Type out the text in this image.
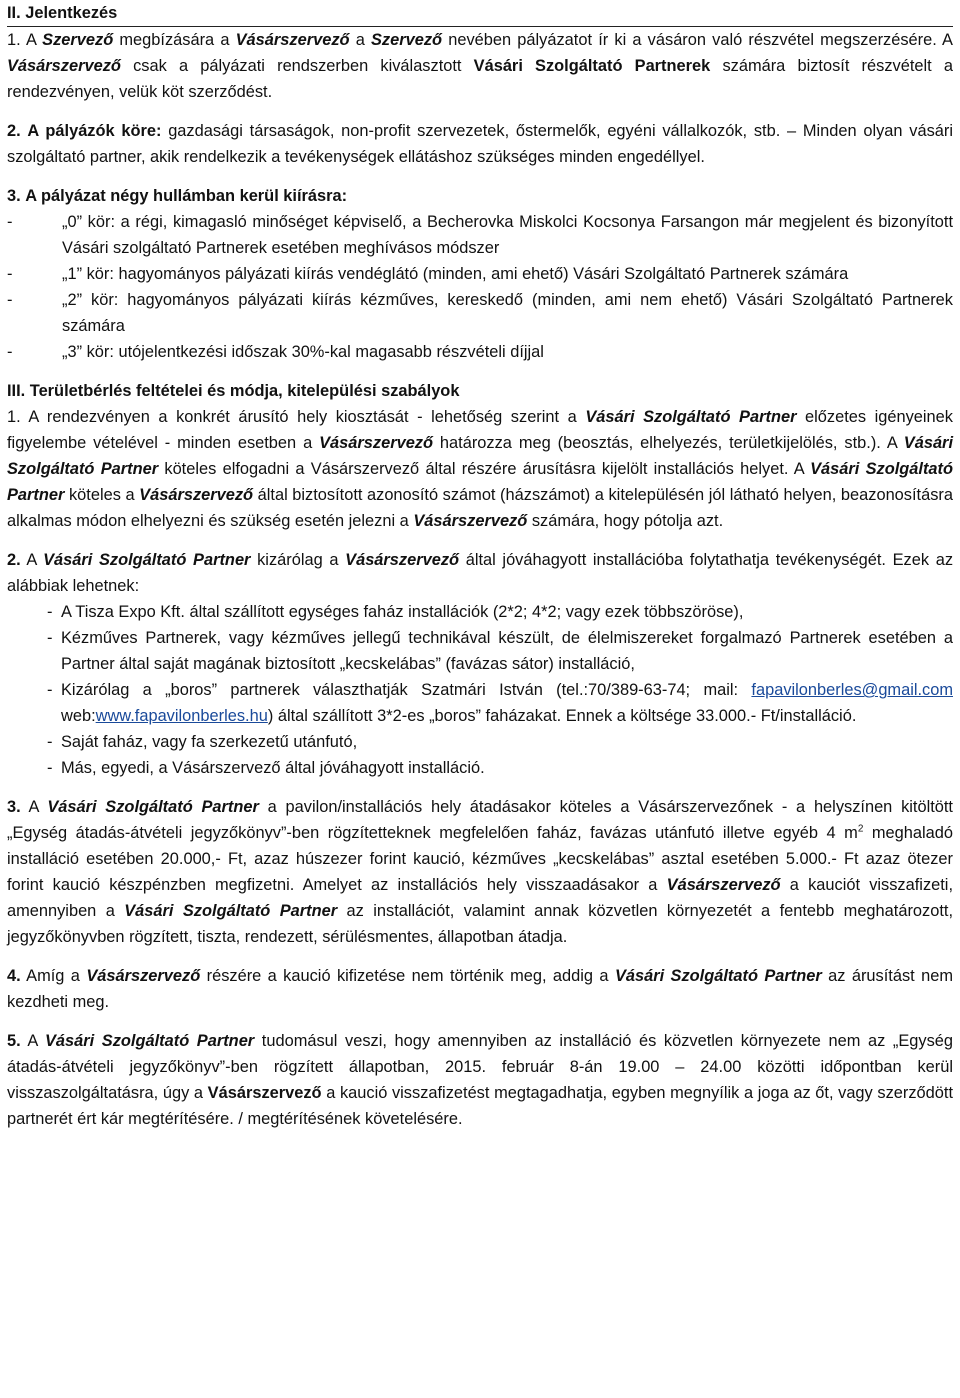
II. Jelentkezés

1. A Szervező megbízására a Vásárszervező a Szervező nevében pályázatot ír ki a vásáron való részvétel megszerzésére. A Vásárszervező csak a pályázati rendszerben kiválasztott Vásári Szolgáltató Partnerek számára biztosít részvételt a rendezvényen, velük köt szerződést.

2. A pályázók köre: gazdasági társaságok, non-profit szervezetek, őstermelők, egyéni vállalkozók, stb. – Minden olyan vásári szolgáltató partner, akik rendelkezik a tevékenységek ellátáshoz szükséges minden engedéllyel.

3. A pályázat négy hullámban kerül kiírásra:

-	„0” kör: a régi, kimagasló minőséget képviselő, a Becherovka Miskolci Kocsonya Farsangon már megjelent és bizonyított Vásári szolgáltató Partnerek esetében meghívásos módszer
-	„1” kör: hagyományos pályázati kiírás vendéglátó (minden, ami ehető) Vásári Szolgáltató Partnerek számára
-	„2” kör: hagyományos pályázati kiírás kézműves, kereskedő (minden, ami nem ehető) Vásári Szolgáltató Partnerek számára
-	„3” kör: utójelentkezési időszak 30%-kal magasabb részvételi díjjal

III. Területbérlés feltételei és módja, kitelepülési szabályok

1. A rendezvényen a konkrét árusító hely kiosztását - lehetőség szerint a Vásári Szolgáltató Partner előzetes igényeinek figyelembe vételével - minden esetben a Vásárszervező határozza meg (beosztás, elhelyezés, területkijelölés, stb.). A Vásári Szolgáltató Partner köteles elfogadni a Vásárszervező által részére árusításra kijelölt installációs helyet. A Vásári Szolgáltató Partner köteles a Vásárszervező által biztosított azonosító számot (házszámot) a kitelepülésén jól látható helyen, beazonosításra alkalmas módon elhelyezni és szükség esetén jelezni a Vásárszervező számára, hogy pótolja azt.

2. A Vásári Szolgáltató Partner kizárólag a Vásárszervező által jóváhagyott installációba folytathatja tevékenységét. Ezek az alábbiak lehetnek:

- A Tisza Expo Kft. által szállított egységes faház installációk (2*2; 4*2; vagy ezek többszöröse),
- Kézműves Partnerek, vagy kézműves jellegű technikával készült, de élelmiszereket forgalmazó Partnerek esetében a Partner által saját magának biztosított „kecskelábas” (favázas sátor) installáció,
- Kizárólag a „boros” partnerek választhatják Szatmári István (tel.:70/389-63-74; mail: fapavilonberles@gmail.com web:www.fapavilonberles.hu) által szállított 3*2-es „boros” faházakat. Ennek a költsége 33.000.- Ft/installáció.
- Saját faház, vagy fa szerkezetű utánfutó,
- Más, egyedi, a Vásárszervező által jóváhagyott installáció.

3. A Vásári Szolgáltató Partner a pavilon/installációs hely átadásakor köteles a Vásárszervezőnek - a helyszínen kitöltött „Egység átadás-átvételi jegyzőkönyv”-ben rögzítetteknek megfelelően faház, favázas utánfutó illetve egyéb 4 $m^2$ meghaladó installáció esetében 20.000,- Ft, azaz húszezer forint kaució, kézműves „kecskelábas” asztal esetében 5.000.- Ft azaz ötezer forint kaució készpénzben megfizetni. Amelyet az installációs hely visszaadásakor a Vásárszervező a kauciót visszafizeti, amennyiben a Vásári Szolgáltató Partner az installációt, valamint annak közvetlen környezetét a fentebb meghatározott, jegyzőkönyvben rögzített, tiszta, rendezett, sérülésmentes, állapotban átadja.

4. Amíg a Vásárszervező részére a kaució kifizetése nem történik meg, addig a Vásári Szolgáltató Partner az árusítást nem kezdheti meg.

5. A Vásári Szolgáltató Partner tudomásul veszi, hogy amennyiben az installáció és közvetlen környezete nem az „Egység átadás-átvételi jegyzőkönyv”-ben rögzített állapotban, 2015. február 8-án 19.00 – 24.00 közötti időpontban kerül visszaszolgáltatásra, úgy a Vásárszervező a kaució visszafizetést megtagadhatja, egyben megnyílik a joga az őt, vagy szerződött partnerét ért kár megtérítésére. / megtérítésének követelésére.
